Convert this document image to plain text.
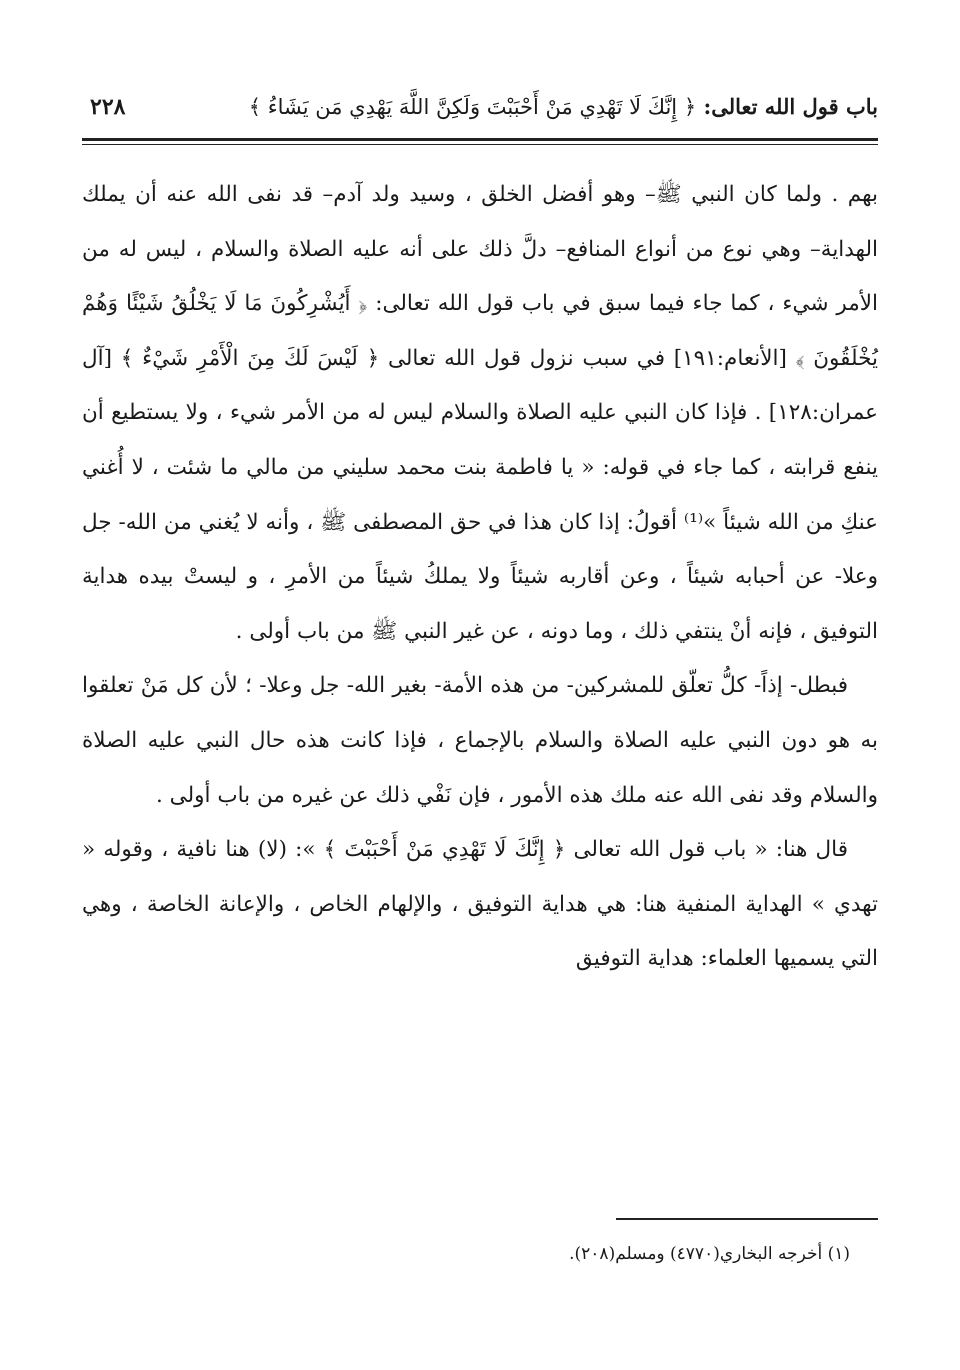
باب قول الله تعالى: ﴿ إِنَّكَ لَا تَهْدِي مَنْ أَحْبَبْتَ وَلَكِنَّ اللَّهَ يَهْدِي مَن يَشَاءُ ﴾
٢٢٨

بهم . ولما كان النبي ﷺ– وهو أفضل الخلق ، وسيد ولد آدم– قد نفى الله عنه أن يملك الهداية– وهي نوع من أنواع المنافع– دلَّ ذلك على أنه عليه الصلاة والسلام ، ليس له من الأمر شيء ، كما جاء فيما سبق في باب قول الله تعالى: ﴿ أَيُشْرِكُونَ مَا لَا يَخْلُقُ شَيْئًا وَهُمْ يُخْلَقُونَ ﴾ [الأنعام:١٩١] في سبب نزول قول الله تعالى ﴿ لَيْسَ لَكَ مِنَ الْأَمْرِ شَيْءٌ ﴾ [آل عمران:١٢٨] . فإذا كان النبي عليه الصلاة والسلام ليس له من الأمر شيء ، ولا يستطيع أن ينفع قرابته ، كما جاء في قوله: « يا فاطمة بنت محمد سليني من مالي ما شئت ، لا أُغني عنكِ من الله شيئاً »⁽¹⁾ أقولُ: إذا كان هذا في حق المصطفى ﷺ ، وأنه لا يُغني من الله- جل وعلا- عن أحبابه شيئاً ، وعن أقاربه شيئاً ولا يملكُ شيئاً من الأمرِ ، و ليستْ بيده هداية التوفيق ، فإنه أنْ ينتفي ذلك ، وما دونه ، عن غير النبي ﷺ من باب أولى .

فبطل- إذاً- كلُّ تعلّق للمشركين- من هذه الأمة- بغير الله- جل وعلا- ؛ لأن كل مَنْ تعلقوا به هو دون النبي عليه الصلاة والسلام بالإجماع ، فإذا كانت هذه حال النبي عليه الصلاة والسلام وقد نفى الله عنه ملك هذه الأمور ، فإن نَفْي ذلك عن غيره من باب أولى .

قال هنا: « باب قول الله تعالى ﴿ إِنَّكَ لَا تَهْدِي مَنْ أَحْبَبْتَ ﴾ »: (لا) هنا نافية ، وقوله « تهدي » الهداية المنفية هنا: هي هداية التوفيق ، والإلهام الخاص ، والإعانة الخاصة ، وهي التي يسميها العلماء: هداية التوفيق

(١) أخرجه البخاري(٤٧٧٠) ومسلم(٢٠٨).
